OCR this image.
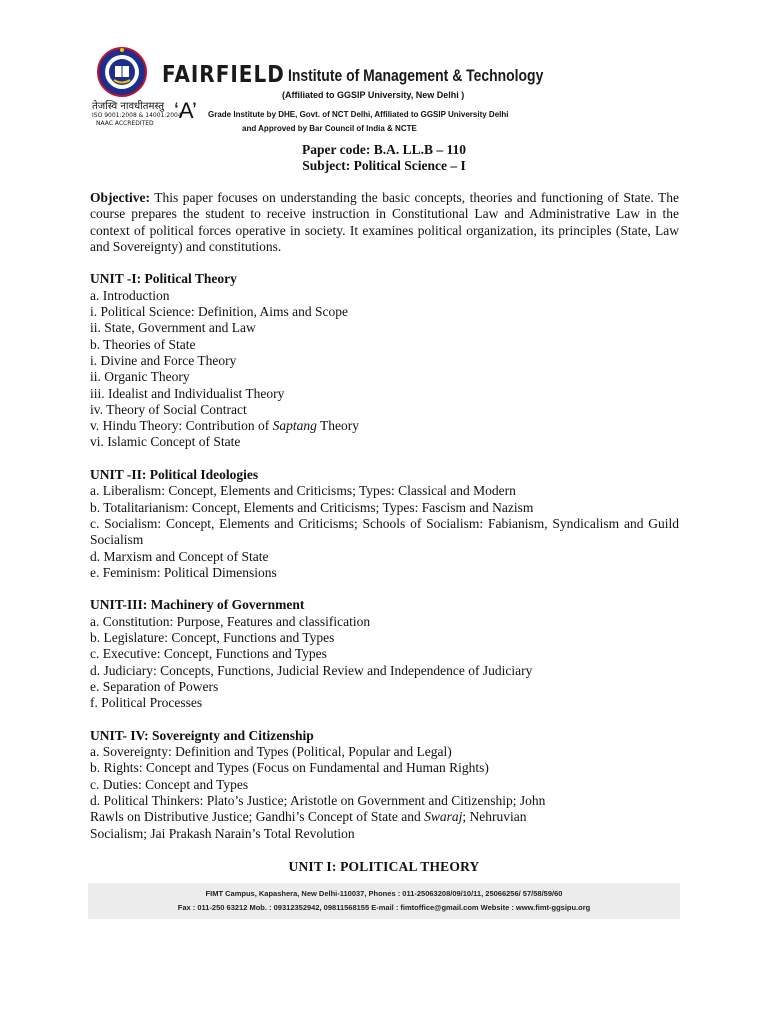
तेजस्वि नावधीतमस्तु
ISO 9001:2008 & 14001:2004
NAAC ACCREDITED
FAIRFIELD Institute of Management & Technology
(Affiliated to GGSIP University, New Delhi )
‘A’ Grade Institute by DHE, Govt. of NCT Delhi, Affiliated to GGSIP University Delhi
and Approved by Bar Council of India & NCTE
Paper code: B.A. LL.B – 110
Subject: Political Science – I

Objective: This paper focuses on understanding the basic concepts, theories and functioning of State. The course prepares the student to receive instruction in Constitutional Law and Administrative Law in the context of political forces operative in society. It examines political organization, its principles (State, Law and Sovereignty) and constitutions.

UNIT -I: Political Theory
a. Introduction
i. Political Science: Definition, Aims and Scope
ii. State, Government and Law
b. Theories of State
i. Divine and Force Theory
ii. Organic Theory
iii. Idealist and Individualist Theory
iv. Theory of Social Contract
v. Hindu Theory: Contribution of Saptang Theory
vi. Islamic Concept of State
UNIT -II: Political Ideologies
a. Liberalism: Concept, Elements and Criticisms; Types: Classical and Modern
b. Totalitarianism: Concept, Elements and Criticisms; Types: Fascism and Nazism
c. Socialism: Concept, Elements and Criticisms; Schools of Socialism: Fabianism, Syndicalism and Guild Socialism
d. Marxism and Concept of State
e. Feminism: Political Dimensions
UNIT-III: Machinery of Government
a. Constitution: Purpose, Features and classification
b. Legislature: Concept, Functions and Types
c. Executive: Concept, Functions and Types
d. Judiciary: Concepts, Functions, Judicial Review and Independence of Judiciary
e. Separation of Powers
f. Political Processes
UNIT- IV: Sovereignty and Citizenship
a. Sovereignty: Definition and Types (Political, Popular and Legal)
b. Rights: Concept and Types (Focus on Fundamental and Human Rights)
c. Duties: Concept and Types
d. Political Thinkers: Plato’s Justice; Aristotle on Government and Citizenship; John
Rawls on Distributive Justice; Gandhi’s Concept of State and Swaraj; Nehruvian
Socialism; Jai Prakash Narain’s Total Revolution
UNIT I: POLITICAL THEORY
FIMT Campus, Kapashera, New Delhi-110037, Phones : 011-25063208/09/10/11, 25066256/ 57/58/59/60
Fax : 011-250 63212 Mob. : 09312352942, 09811568155 E-mail : fimtoffice@gmail.com Website : www.fimt-ggsipu.org
